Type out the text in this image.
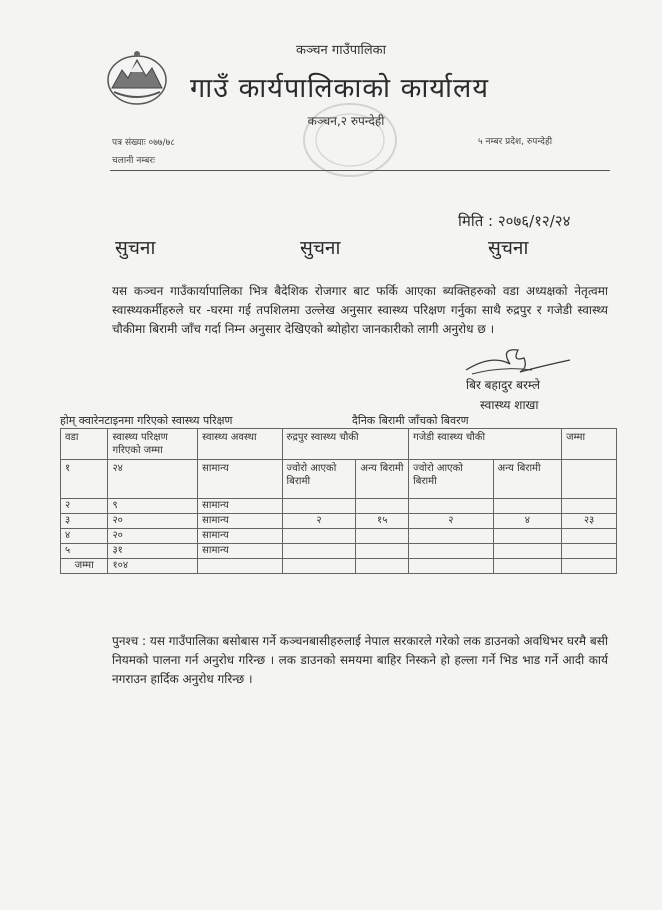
कञ्चन गाउँपालिका
गाउँ कार्यपालिकाको कार्यालय
कञ्चन,२ रुपन्देही
पत्र संख्याः ०७७/७८
चलानी नम्बरः
५ नम्बर प्रदेश, रुपन्देही
मिति : २०७६/१२/२४
सुचना	सुचना	सुचना
यस कञ्चन गाउँकार्यापालिका भित्र बैदेशिक रोजगार बाट फर्कि आएका ब्यक्तिहरुको वडा अध्यक्षको नेतृत्वमा स्वास्थ्यकर्मीहरुले घर -घरमा गई तपशिलमा उल्लेख अनुसार स्वास्थ्य परिक्षण गर्नुका साथै रुद्रपुर र गजेडी स्वास्थ्य चौकीमा बिरामी जाँच गर्दा निम्न अनुसार देखिएको ब्योहोरा जानकारीको लागी अनुरोध छ ।
बिर बहादुर बरम्ले
स्वास्थ्य शाखा
होम् क्वारेनटाइनमा गरिएको स्वास्थ्य परिक्षण	दैनिक बिरामी जाँचको बिवरण
वडा	स्वास्थ्य परिक्षण गरिएको जम्मा	स्वास्थ्य अवस्था	रुद्रपुर स्वास्थ्य चौकी		गजेडी स्वास्थ्य चौकी		जम्मा
१	२४	सामान्य	ज्वोरो आएको बिरामी	अन्य बिरामी	ज्वोरो आएको बिरामी	अन्य बिरामी	
२	९	सामान्य					
३	२०	सामान्य	२	१५	२	४	२३
४	२०	सामान्य					
५	३१	सामान्य					
जम्मा	१०४						
पुनश्च : यस गाउँपालिका बसोबास गर्ने कञ्चनबासीहरुलाई नेपाल सरकारले गरेको लक डाउनको अवधिभर घरमै बसी नियमको पालना गर्न अनुरोध गरिन्छ । लक डाउनको समयमा बाहिर निस्कने हो हल्ला गर्ने भिड भाड गर्ने आदी कार्य नगराउन हार्दिक अनुरोध गरिन्छ ।
